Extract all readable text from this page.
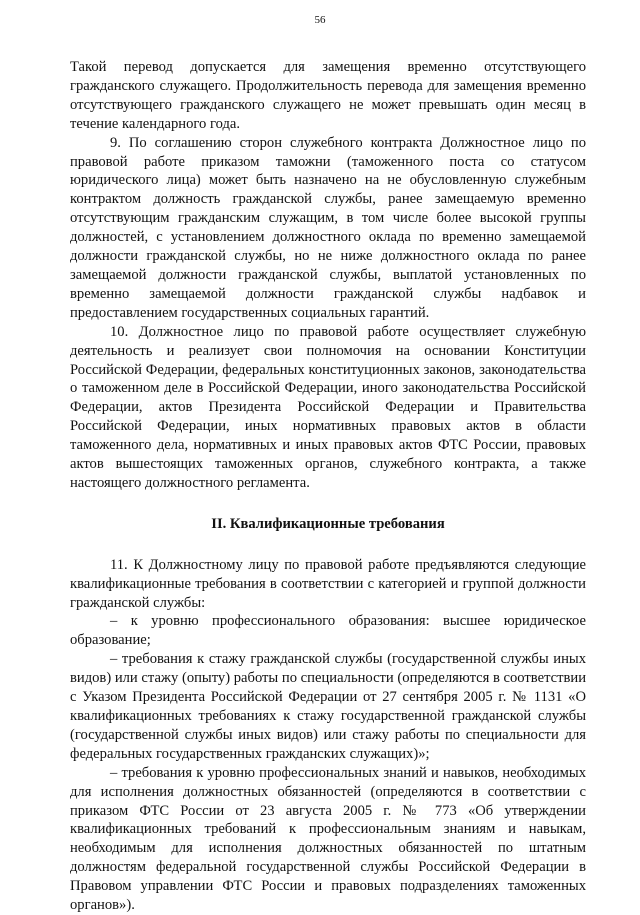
56

Такой перевод допускается для замещения временно отсутствующего гражданского служащего. Продолжительность перевода для замещения временно отсутствующего гражданского служащего не может превышать один месяц в течение календарного года.

9. По соглашению сторон служебного контракта Должностное лицо по правовой работе приказом таможни (таможенного поста со статусом юридического лица) может быть назначено на не обусловленную служебным контрактом должность гражданской службы, ранее замещаемую временно отсутствующим гражданским служащим, в том числе более высокой группы должностей, с установлением должностного оклада по временно замещаемой должности гражданской службы, но не ниже должностного оклада по ранее замещаемой должности гражданской службы, выплатой установленных по временно замещаемой должности гражданской службы надбавок и предоставлением государственных социальных гарантий.

10. Должностное лицо по правовой работе осуществляет служебную деятельность и реализует свои полномочия на основании Конституции Российской Федерации, федеральных конституционных законов, законодательства о таможенном деле в Российской Федерации, иного законодательства Российской Федерации, актов Президента Российской Федерации и Правительства Российской Федерации, иных нормативных правовых актов в области таможенного дела, нормативных и иных правовых актов ФТС России, правовых актов вышестоящих таможенных органов, служебного контракта, а также настоящего должностного регламента.

II. Квалификационные требования

11. К Должностному лицу по правовой работе предъявляются следующие квалификационные требования в соответствии с категорией и группой должности гражданской службы:

– к уровню профессионального образования: высшее юридическое образование;

– требования к стажу гражданской службы (государственной службы иных видов) или стажу (опыту) работы по специальности (определяются в соответствии с Указом Президента Российской Федерации от 27 сентября 2005 г. № 1131 «О квалификационных требованиях к стажу государственной гражданской службы (государственной службы иных видов) или стажу работы по специальности для федеральных государственных гражданских служащих)»;

– требования к уровню профессиональных знаний и навыков, необходимых для исполнения должностных обязанностей (определяются в соответствии с приказом ФТС России от 23 августа 2005 г. № 773 «Об утверждении квалификационных требований к профессиональным знаниям и навыкам, необходимым для исполнения должностных обязанностей по штатным должностям федеральной государственной службы Российской Федерации в Правовом управлении ФТС России и правовых подразделениях таможенных органов»).
